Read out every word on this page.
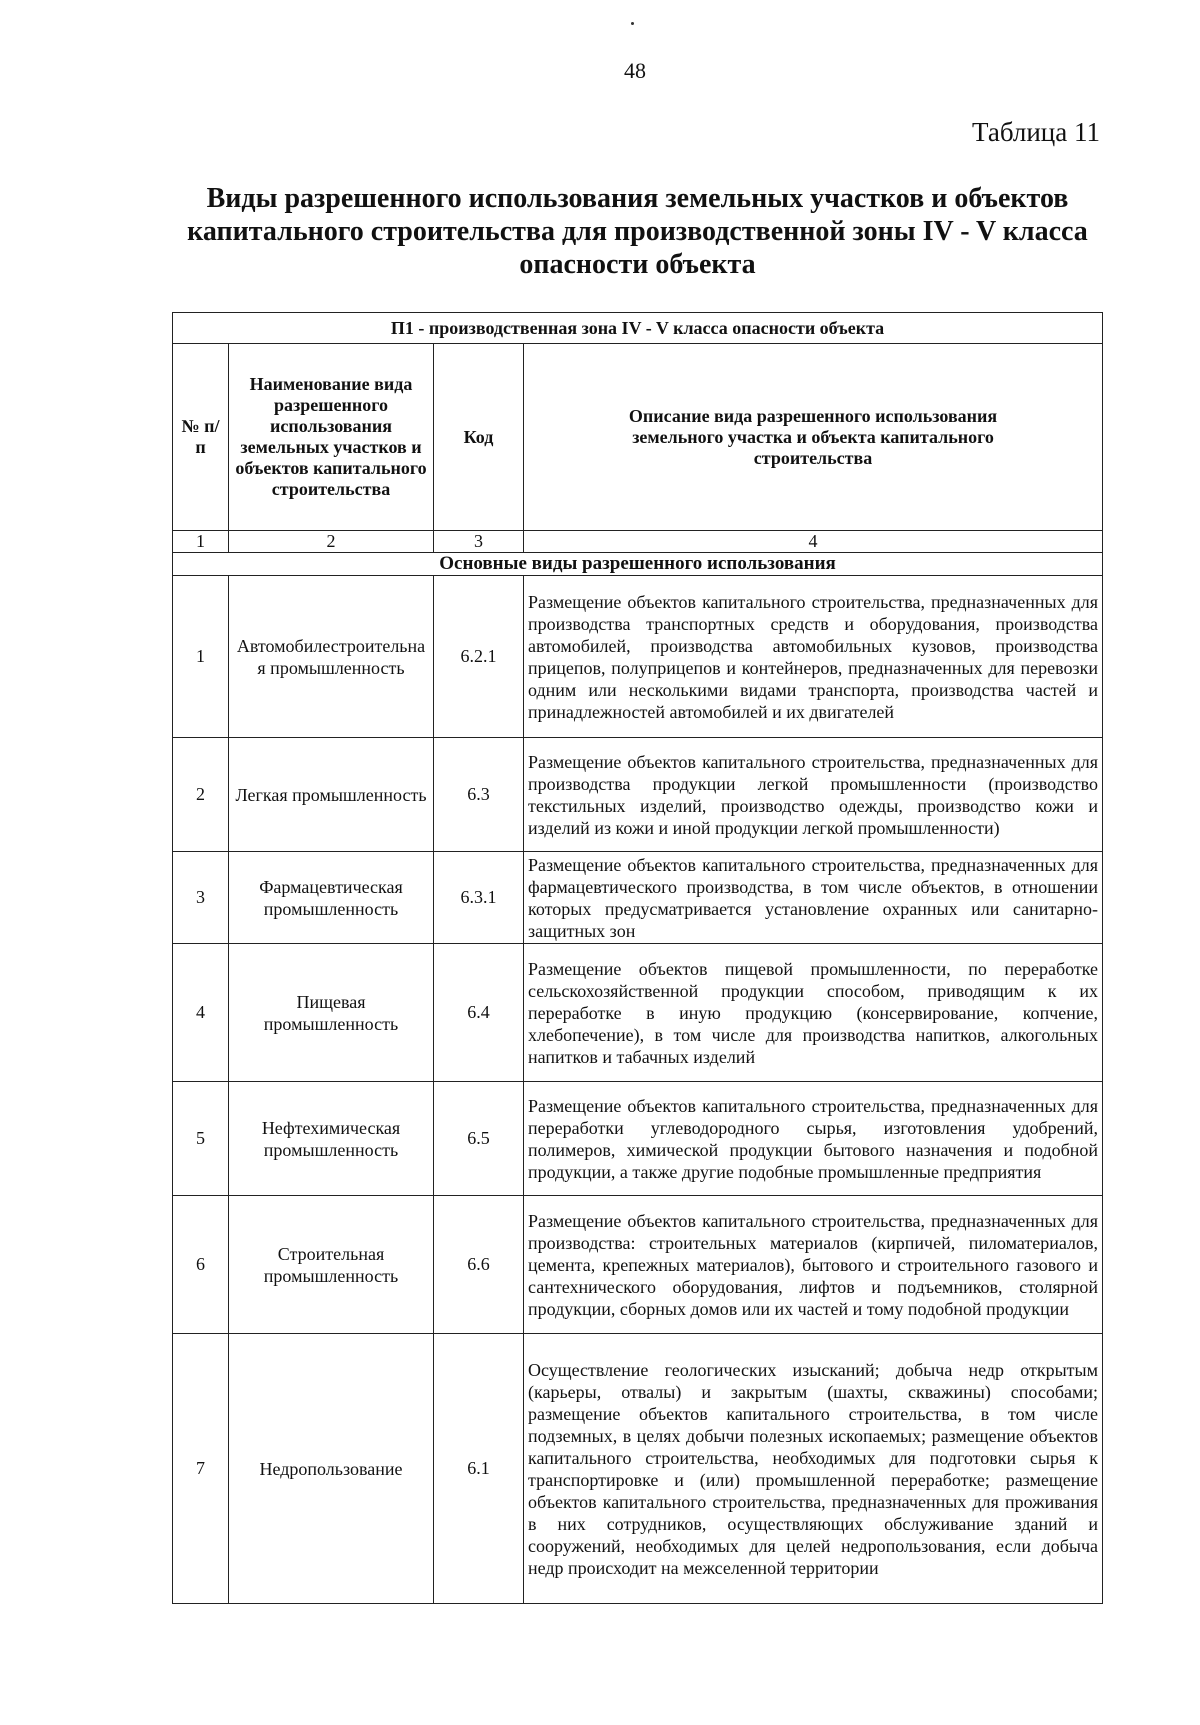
48
Таблица 11
Виды разрешенного использования земельных участков и объектов
капитального строительства для производственной зоны IV - V класса
опасности объекта
П1 - производственная зона IV - V класса опасности объекта			
№ п/п	Наименование вида разрешенного использования земельных участков и объектов капитального строительства	Код	Описание вида разрешенного использования земельного участка и объекта капитального строительства
1	2	3	4
Основные виды разрешенного использования			
1	Автомобилестроительная промышленность	6.2.1	Размещение объектов капитального строительства, предназначенных для производства транспортных средств и оборудования, производства автомобилей, производства автомобильных кузовов, производства прицепов, полуприцепов и контейнеров, предназначенных для перевозки одним или несколькими видами транспорта, производства частей и принадлежностей автомобилей и их двигателей
2	Легкая промышленность	6.3	Размещение объектов капитального строительства, предназначенных для производства продукции легкой промышленности (производство текстильных изделий, производство одежды, производство кожи и изделий из кожи и иной продукции легкой промышленности)
3	Фармацевтическая промышленность	6.3.1	Размещение объектов капитального строительства, предназначенных для фармацевтического производства, в том числе объектов, в отношении которых предусматривается установление охранных или санитарно-защитных зон
4	Пищевая промышленность	6.4	Размещение объектов пищевой промышленности, по переработке сельскохозяйственной продукции способом, приводящим к их переработке в иную продукцию (консервирование, копчение, хлебопечение), в том числе для производства напитков, алкогольных напитков и табачных изделий
5	Нефтехимическая промышленность	6.5	Размещение объектов капитального строительства, предназначенных для переработки углеводородного сырья, изготовления удобрений, полимеров, химической продукции бытового назначения и подобной продукции, а также другие подобные промышленные предприятия
6	Строительная промышленность	6.6	Размещение объектов капитального строительства, предназначенных для производства: строительных материалов (кирпичей, пиломатериалов, цемента, крепежных материалов), бытового и строительного газового и сантехнического оборудования, лифтов и подъемников, столярной продукции, сборных домов или их частей и тому подобной продукции
7	Недропользование	6.1	Осуществление геологических изысканий; добыча недр открытым (карьеры, отвалы) и закрытым (шахты, скважины) способами; размещение объектов капитального строительства, в том числе подземных, в целях добычи полезных ископаемых; размещение объектов капитального строительства, необходимых для подготовки сырья к транспортировке и (или) промышленной переработке; размещение объектов капитального строительства, предназначенных для проживания в них сотрудников, осуществляющих обслуживание зданий и сооружений, необходимых для целей недропользования, если добыча недр происходит на межселенной территории
